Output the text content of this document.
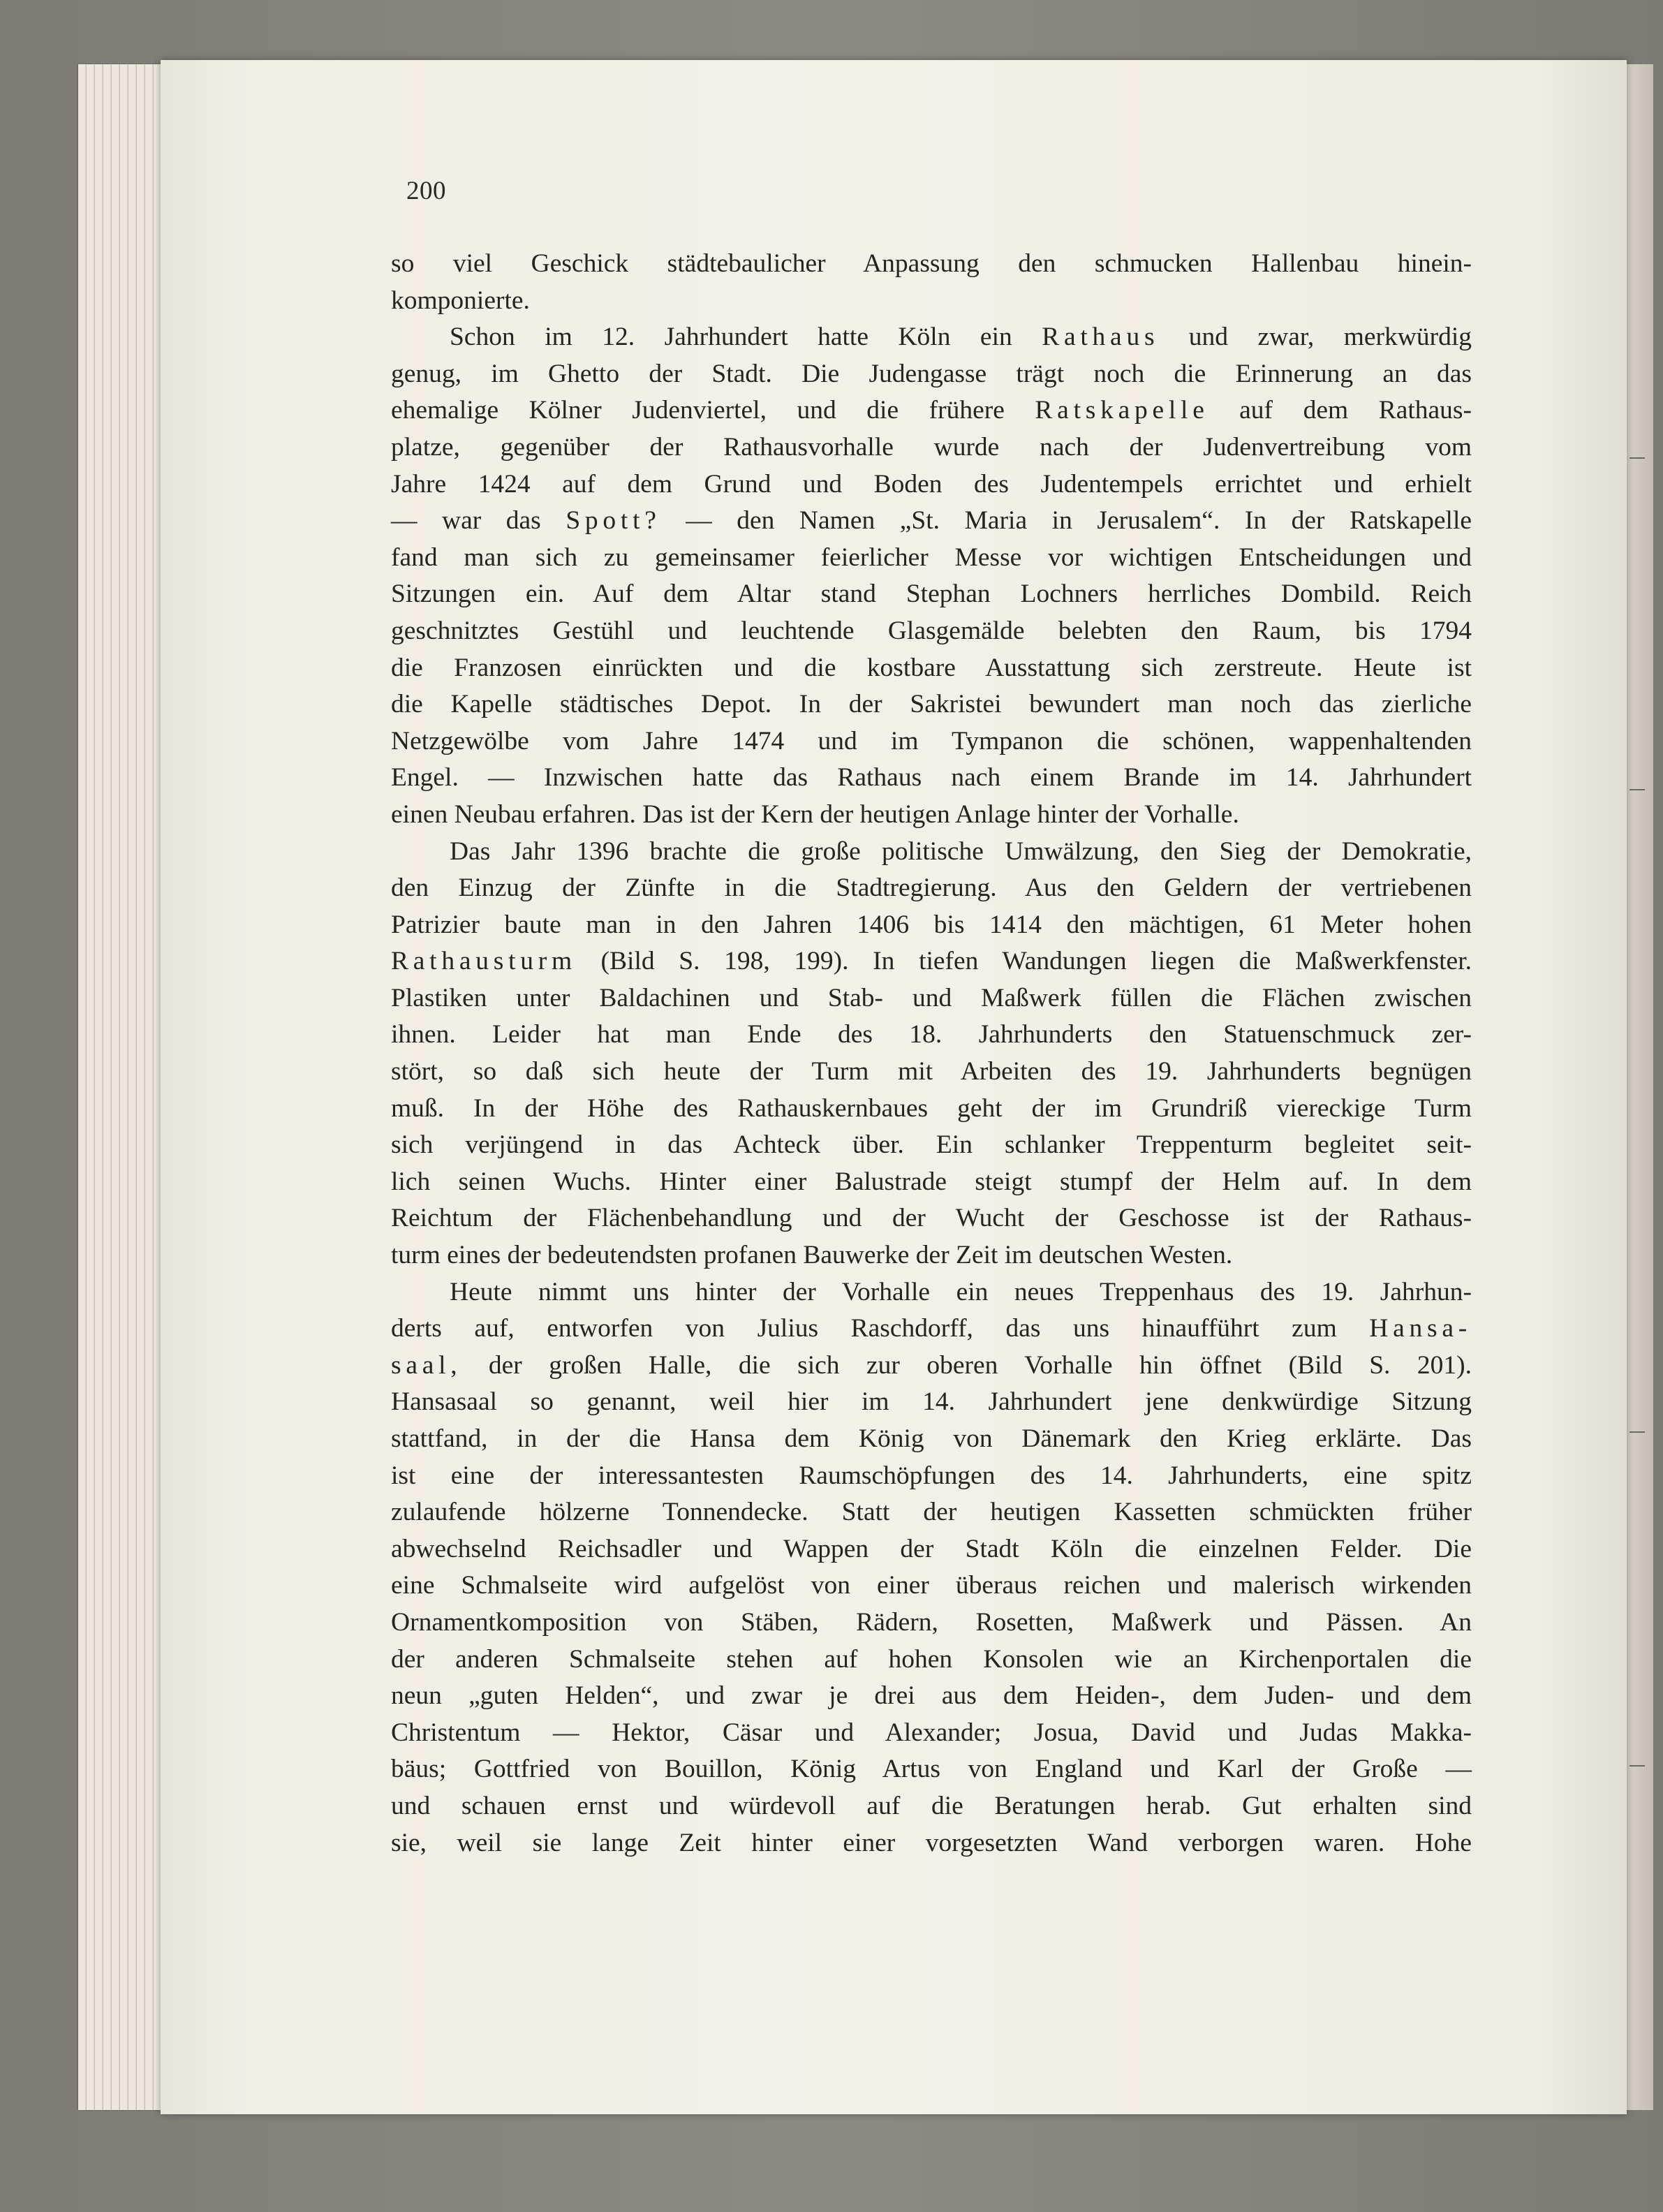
200

so viel Geschick städtebaulicher Anpassung den schmucken Hallenbau hinein-

komponierte.

Schon im 12. Jahrhundert hatte Köln ein Rathaus und zwar, merkwürdig

genug, im Ghetto der Stadt. Die Judengasse trägt noch die Erinnerung an das

ehemalige Kölner Judenviertel, und die frühere Ratskapelle auf dem Rathaus-

platze, gegenüber der Rathausvorhalle wurde nach der Judenvertreibung vom

Jahre 1424 auf dem Grund und Boden des Judentempels errichtet und erhielt

— war das Spott? — den Namen „St. Maria in Jerusalem“. In der Ratskapelle

fand man sich zu gemeinsamer feierlicher Messe vor wichtigen Entscheidungen und

Sitzungen ein. Auf dem Altar stand Stephan Lochners herrliches Dombild. Reich

geschnitztes Gestühl und leuchtende Glasgemälde belebten den Raum, bis 1794

die Franzosen einrückten und die kostbare Ausstattung sich zerstreute. Heute ist

die Kapelle städtisches Depot. In der Sakristei bewundert man noch das zierliche

Netzgewölbe vom Jahre 1474 und im Tympanon die schönen, wappenhaltenden

Engel. — Inzwischen hatte das Rathaus nach einem Brande im 14. Jahrhundert

einen Neubau erfahren. Das ist der Kern der heutigen Anlage hinter der Vorhalle.

Das Jahr 1396 brachte die große politische Umwälzung, den Sieg der Demokratie,

den Einzug der Zünfte in die Stadtregierung. Aus den Geldern der vertriebenen

Patrizier baute man in den Jahren 1406 bis 1414 den mächtigen, 61 Meter hohen

Rathausturm (Bild S. 198, 199). In tiefen Wandungen liegen die Maßwerkfenster.

Plastiken unter Baldachinen und Stab- und Maßwerk füllen die Flächen zwischen

ihnen. Leider hat man Ende des 18. Jahrhunderts den Statuenschmuck zer-

stört, so daß sich heute der Turm mit Arbeiten des 19. Jahrhunderts begnügen

muß. In der Höhe des Rathauskernbaues geht der im Grundriß viereckige Turm

sich verjüngend in das Achteck über. Ein schlanker Treppenturm begleitet seit-

lich seinen Wuchs. Hinter einer Balustrade steigt stumpf der Helm auf. In dem

Reichtum der Flächenbehandlung und der Wucht der Geschosse ist der Rathaus-

turm eines der bedeutendsten profanen Bauwerke der Zeit im deutschen Westen.

Heute nimmt uns hinter der Vorhalle ein neues Treppenhaus des 19. Jahrhun-

derts auf, entworfen von Julius Raschdorff, das uns hinaufführt zum Hansa-

saal, der großen Halle, die sich zur oberen Vorhalle hin öffnet (Bild S. 201).

Hansasaal so genannt, weil hier im 14. Jahrhundert jene denkwürdige Sitzung

stattfand, in der die Hansa dem König von Dänemark den Krieg erklärte. Das

ist eine der interessantesten Raumschöpfungen des 14. Jahrhunderts, eine spitz

zulaufende hölzerne Tonnendecke. Statt der heutigen Kassetten schmückten früher

abwechselnd Reichsadler und Wappen der Stadt Köln die einzelnen Felder. Die

eine Schmalseite wird aufgelöst von einer überaus reichen und malerisch wirkenden

Ornamentkomposition von Stäben, Rädern, Rosetten, Maßwerk und Pässen. An

der anderen Schmalseite stehen auf hohen Konsolen wie an Kirchenportalen die

neun „guten Helden“, und zwar je drei aus dem Heiden-, dem Juden- und dem

Christentum — Hektor, Cäsar und Alexander; Josua, David und Judas Makka-

bäus; Gottfried von Bouillon, König Artus von England und Karl der Große —

und schauen ernst und würdevoll auf die Beratungen herab. Gut erhalten sind

sie, weil sie lange Zeit hinter einer vorgesetzten Wand verborgen waren. Hohe
